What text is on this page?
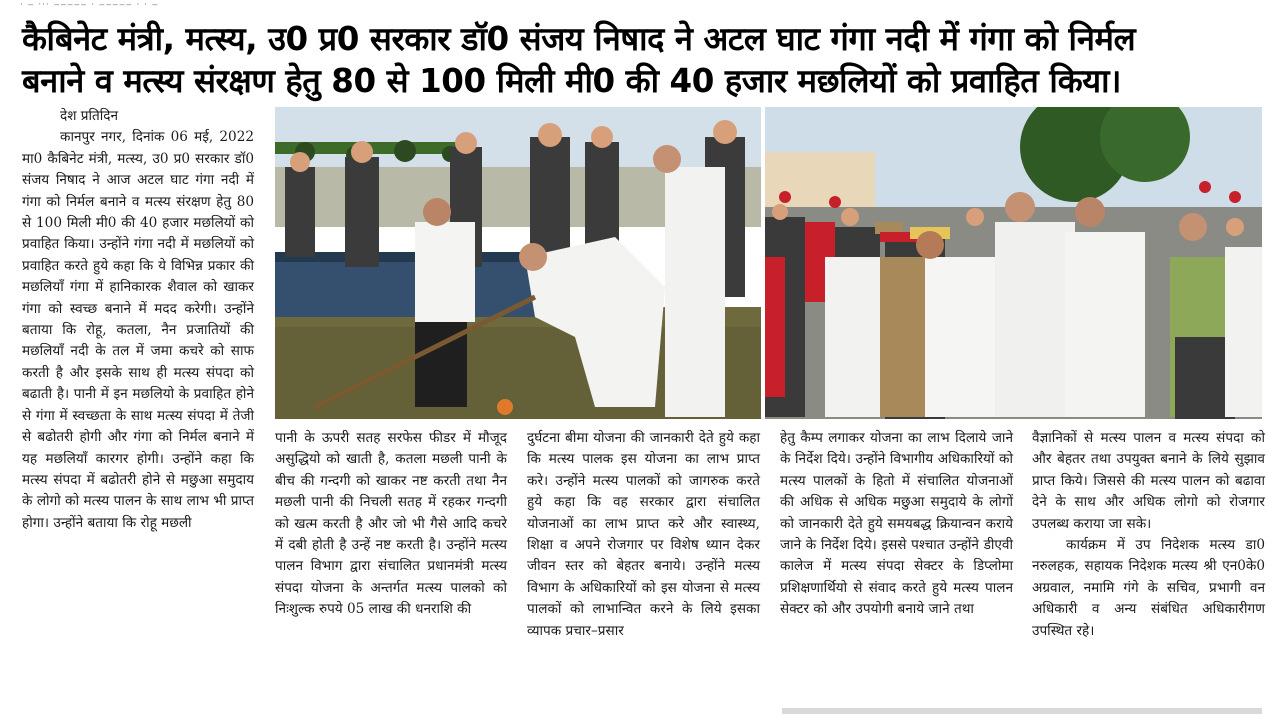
· ‒ ··· ‒‒‒‒‒ · ‒‒‒‒‒ · · ‒
कैबिनेट मंत्री, मत्स्य, उ0 प्र0 सरकार डॉ0 संजय निषाद ने अटल घाट गंगा नदी में गंगा को निर्मल
बनाने व मत्स्य संरक्षण हेतु 80 से 100 मिली मी0 की 40 हजार मछलियों को प्रवाहित किया।

देश प्रतिदिन

कानपुर नगर, दिनांक 06 मई, 2022 मा0 कैबिनेट मंत्री, मत्स्य, उ0 प्र0 सरकार डॉ0 संजय निषाद ने आज अटल घाट गंगा नदी में गंगा को निर्मल बनाने व मत्स्य संरक्षण हेतु 80 से 100 मिली मी0 की 40 हजार मछलियों को प्रवाहित किया। उन्होंने गंगा नदी में मछलियों को प्रवाहित करते हुये कहा कि ये विभिन्न प्रकार की मछलियाँ गंगा में हानिकारक शैवाल को खाकर गंगा को स्वच्छ बनाने में मदद करेगी। उन्होंने बताया कि रोहू, कतला, नैन प्रजातियों की मछलियाँ नदी के तल में जमा कचरे को साफ करती है और इसके साथ ही मत्स्य संपदा को बढाती है। पानी में इन मछलियो के प्रवाहित होने से गंगा में स्वच्छता के साथ मत्स्य संपदा में तेजी से बढोतरी होगी और गंगा को निर्मल बनाने में यह मछलियाँ कारगर होगी। उन्होंने कहा कि मत्स्य संपदा में बढोतरी होने से मछुआ समुदाय के लोगो को मत्स्य पालन के साथ लाभ भी प्राप्त होगा। उन्होंने बताया कि रोहू मछली

पानी के ऊपरी सतह सरफेस फीडर में मौजूद असुद्धियो को खाती है, कतला मछली पानी के बीच की गन्दगी को खाकर नष्ट करती तथा नैन मछली पानी की निचली सतह में रहकर गन्दगी को खत्म करती है और जो भी गैसे आदि कचरे में दबी होती है उन्हें नष्ट करती है। उन्होंने मत्स्य पालन विभाग द्वारा संचालित प्रधानमंत्री मत्स्य संपदा योजना के अन्तर्गत मत्स्य पालको को निःशुल्क रुपये 05 लाख की धनराशि की

दुर्घटना बीमा योजना की जानकारी देते हुये कहा कि मत्स्य पालक इस योजना का लाभ प्राप्त करे। उन्होंने मत्स्य पालकों को जागरुक करते हुये कहा कि वह सरकार द्वारा संचालित योजनाओं का लाभ प्राप्त करे और स्वास्थ्य, शिक्षा व अपने रोजगार पर विशेष ध्यान देकर जीवन स्तर को बेहतर बनाये। उन्होंने मत्स्य विभाग के अधिकारियों को इस योजना से मत्स्य पालकों को लाभान्वित करने के लिये इसका व्यापक प्रचार–प्रसार

हेतु कैम्प लगाकर योजना का लाभ दिलाये जाने के निर्देश दिये। उन्होंने विभागीय अधिकारियों को मत्स्य पालकों के हितो में संचालित योजनाओं की अधिक से अधिक मछुआ समुदाये के लोगों को जानकारी देते हुये समयबद्ध क्रियान्वन कराये जाने के निर्देश दिये। इससे पश्चात उन्होंने डीएवी कालेज में मत्स्य संपदा सेक्टर के डिप्लोमा प्रशिक्षणार्थियो से संवाद करते हुये मत्स्य पालन सेक्टर को और उपयोगी बनाये जाने तथा

वैज्ञानिकों से मत्स्य पालन व मत्स्य संपदा को और बेहतर तथा उपयुक्त बनाने के लिये सुझाव प्राप्त किये। जिससे की मत्स्य पालन को बढावा देने के साथ और अधिक लोगो को रोजगार उपलब्ध कराया जा सके।

कार्यक्रम में उप निदेशक मत्स्य डा0 नरुलहक, सहायक निदेशक मत्स्य श्री एन0के0 अग्रवाल, नमामि गंगे के सचिव, प्रभागी वन अधिकारी व अन्य संबंधित अधिकारीगण उपस्थित रहे।
